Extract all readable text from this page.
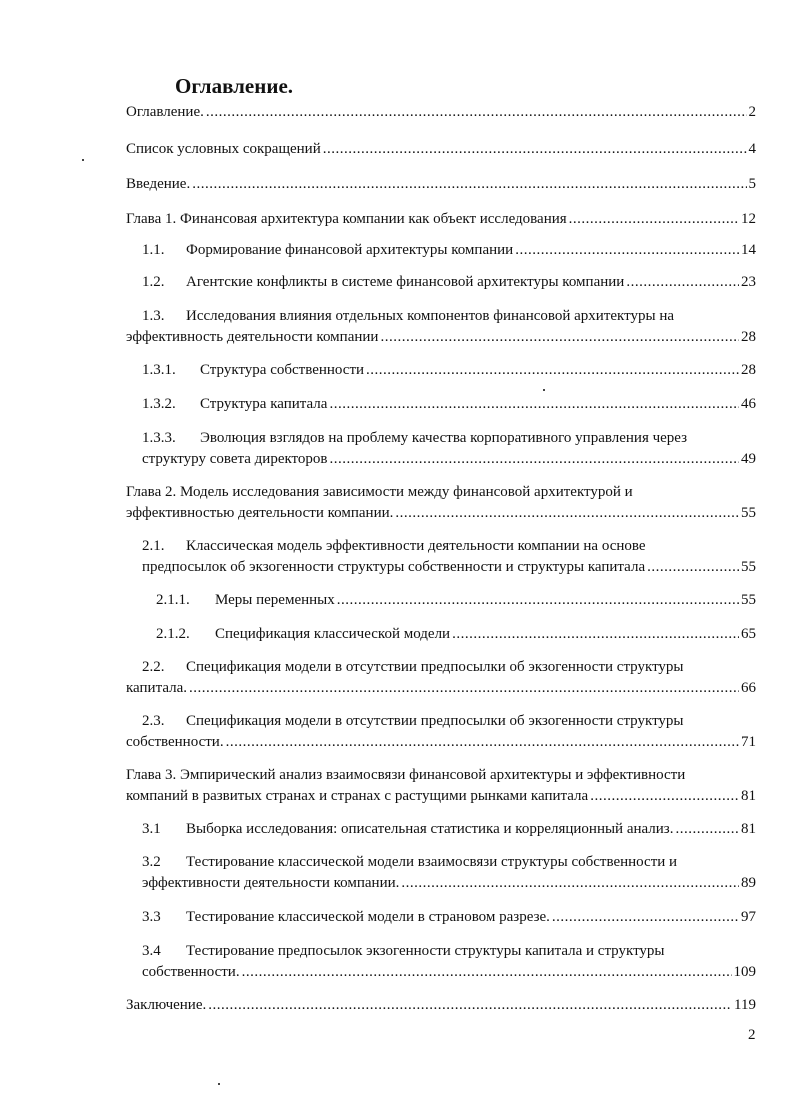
Оглавление.
Оглавление. .....	2
Список условных сокращений .....	4
Введение. .....	5
Глава 1. Финансовая архитектура компании как объект исследования .....	12
1.1.	Формирование финансовой архитектуры компании .....	14
1.2.	Агентские конфликты в системе финансовой архитектуры компании .....	23
1.3.	Исследования влияния отдельных компонентов финансовой архитектуры на
эффективность деятельности компании .....	28
1.3.1.	Структура собственности .....	28
1.3.2.	Структура капитала .....	46
1.3.3.	Эволюция взглядов на проблему качества корпоративного управления через
структуру совета директоров .....	49
Глава 2. Модель исследования зависимости между финансовой архитектурой и
эффективностью деятельности компании. .....	55
2.1.	Классическая модель эффективности деятельности компании на основе
предпосылок об экзогенности структуры собственности и структуры капитала .....	55
2.1.1.	Меры переменных .....	55
2.1.2.	Спецификация классической модели .....	65
2.2.	Спецификация модели в отсутствии предпосылки об экзогенности структуры
капитала. .....	66
2.3.	Спецификация модели в отсутствии предпосылки об экзогенности структуры
собственности. .....	71
Глава 3. Эмпирический анализ взаимосвязи финансовой архитектуры и эффективности
компаний в развитых странах и странах с растущими рынками капитала .....	81
3.1	Выборка исследования: описательная статистика и корреляционный анализ. .....	81
3.2	Тестирование классической модели взаимосвязи структуры собственности и
эффективности деятельности компании. .....	89
3.3	Тестирование классической модели в страновом разрезе. .....	97
3.4	Тестирование предпосылок экзогенности структуры капитала и структуры
собственности. .....	109
Заключение. .....	119
2
